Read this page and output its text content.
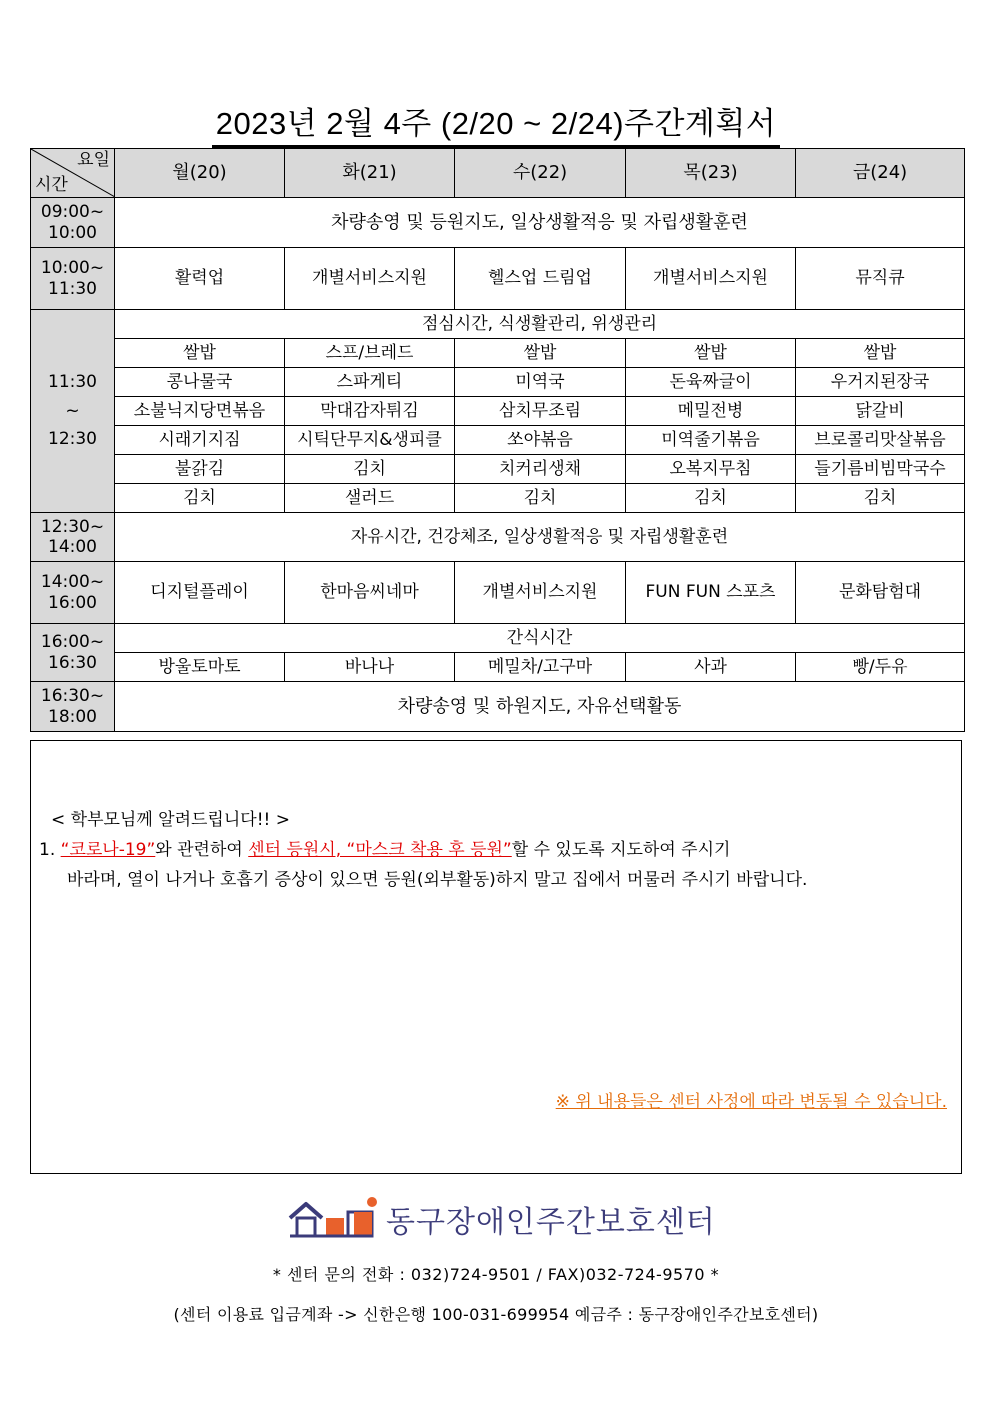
2023년 2월 4주 (2/20 ~ 2/24)주간계획서
요일
시간	월(20)	화(21)	수(22)	목(23)	금(24)
09:00~
10:00	차량송영 및 등원지도, 일상생활적응 및 자립생활훈련				
10:00~
11:30	활력업	개별서비스지원	헬스업 드림업	개별서비스지원	뮤직큐
11:30
~
12:30	점심시간, 식생활관리, 위생관리				
	쌀밥	스프/브레드	쌀밥	쌀밥	쌀밥
	콩나물국	스파게티	미역국	돈육짜글이	우거지된장국
	소불닉지당면볶음	막대감자튀김	삼치무조림	메밀전병	닭갈비
	시래기지짐	시틱단무지&생피클	쏘야볶음	미역줄기볶음	브로콜리맛살볶음
	불갉김	김치	치커리생채	오복지무침	들기름비빔막국수
	김치	샐러드	김치	김치	김치
12:30~
14:00	자유시간, 건강체조, 일상생활적응 및 자립생활훈련				
14:00~
16:00	디지털플레이	한마음씨네마	개별서비스지원	FUN FUN 스포츠	문화탐험대
16:00~
16:30	간식시간				
	방울토마토	바나나	메밀차/고구마	사과	빵/두유
16:30~
18:00	차량송영 및 하원지도, 자유선택활동				
< 학부모님께 알려드립니다!! >
1. “코로나-19”와 관련하여 센터 등원시, “마스크 착용 후 등원”할 수 있도록 지도하여 주시기
바라며, 열이 나거나 호흡기 증상이 있으면 등원(외부활동)하지 말고 집에서 머물러 주시기 바랍니다.
※ 위 내용들은 센터 사정에 따라 변동될 수 있습니다.
동구장애인주간보호센터
* 센터 문의 전화 : 032)724-9501 / FAX)032-724-9570 *
(센터 이용료 입금계좌 -> 신한은행 100-031-699954 예금주 : 동구장애인주간보호센터)
